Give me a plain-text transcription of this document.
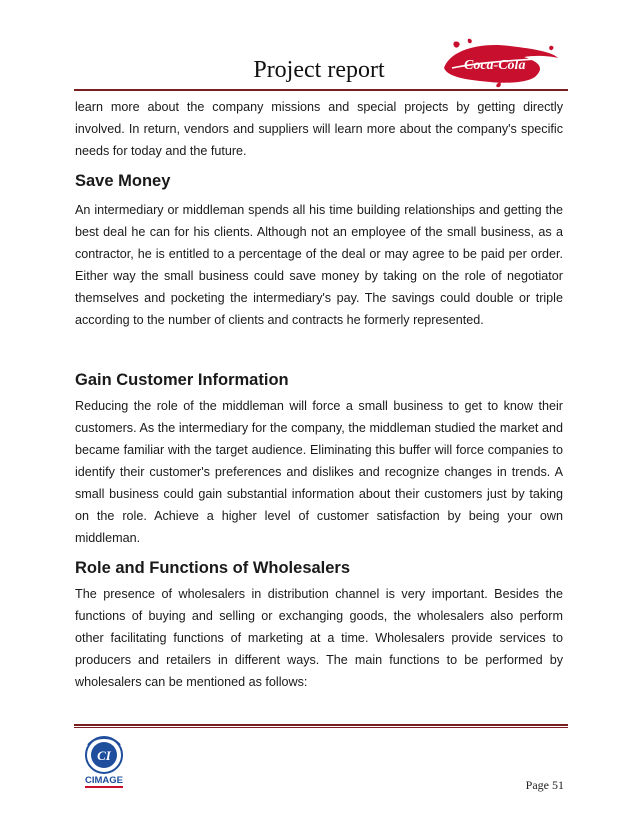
Project report	Coca-Cola

learn more about the company missions and special projects by getting directly involved. In return, vendors and suppliers will learn more about the company's specific needs for today and the future.

Save Money

An intermediary or middleman spends all his time building relationships and getting the best deal he can for his clients. Although not an employee of the small business, as a contractor, he is entitled to a percentage of the deal or may agree to be paid per order. Either way the small business could save money by taking on the role of negotiator themselves and pocketing the intermediary's pay. The savings could double or triple according to the number of clients and contracts he formerly represented.

Gain Customer Information

Reducing the role of the middleman will force a small business to get to know their customers. As the intermediary for the company, the middleman studied the market and became familiar with the target audience. Eliminating this buffer will force companies to identify their customer's preferences and dislikes and recognize changes in trends. A small business could gain substantial information about their customers just by taking on the role. Achieve a higher level of customer satisfaction by being your own middleman.

Role and Functions of Wholesalers

The presence of wholesalers in distribution channel is very important. Besides the functions of buying and selling or exchanging goods, the wholesalers also perform other facilitating functions of marketing at a time. Wholesalers provide services to producers and retailers in different ways. The main functions to be performed by wholesalers can be mentioned as follows:

CI
CIMAGE	Page 51
